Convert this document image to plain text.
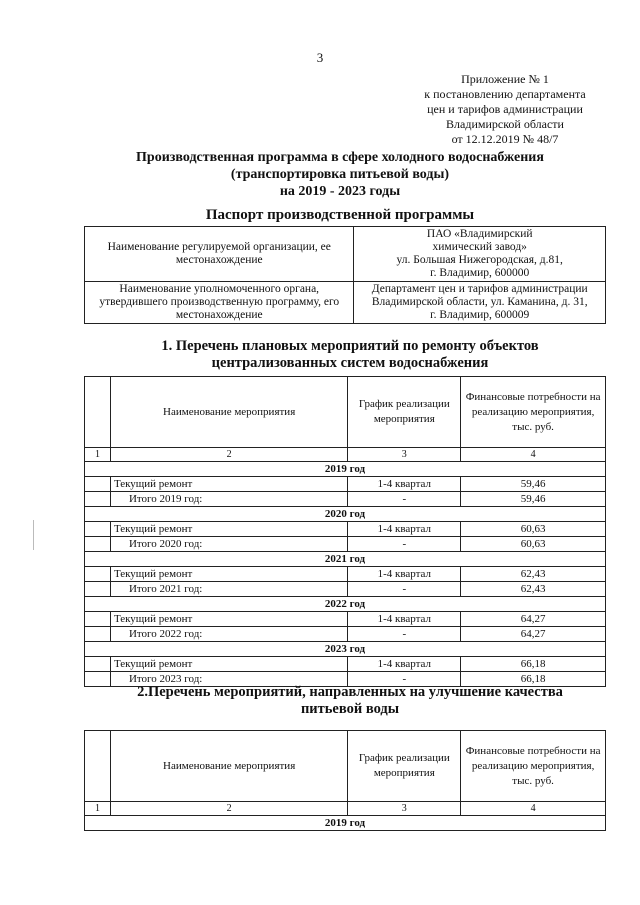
3
Приложение № 1
к постановлению департамента
цен и тарифов администрации
Владимирской области
от 12.12.2019 № 48/7
Производственная программа в сфере холодного водоснабжения
(транспортировка питьевой воды)
на 2019 - 2023 годы
Паспорт производственной программы
Наименование регулируемой организации, ее местонахождение	ПАО «Владимирский
химический завод»
ул. Большая Нижегородская, д.81,
г. Владимир, 600000

Наименование уполномоченного органа, утвердившего производственную программу, его местонахождение	Департамент цен и тарифов администрации
Владимирской области, ул. Каманина, д. 31,
г. Владимир, 600009
1. Перечень плановых мероприятий по ремонту объектов
централизованных систем водоснабжения
	Наименование мероприятия	График реализации мероприятия	Финансовые потребности на реализацию мероприятия, тыс. руб.
1	2	3	4
2019 год			
	Текущий ремонт	1-4 квартал	59,46
	Итого 2019 год:	-	59,46
2020 год			
	Текущий ремонт	1-4 квартал	60,63
	Итого 2020 год:	-	60,63
2021 год			
	Текущий ремонт	1-4 квартал	62,43
	Итого 2021 год:	-	62,43
2022 год			
	Текущий ремонт	1-4 квартал	64,27
	Итого 2022 год:	-	64,27
2023 год			
	Текущий ремонт	1-4 квартал	66,18
	Итого 2023 год:	-	66,18
2.Перечень мероприятий, направленных на улучшение качества
питьевой воды
	Наименование мероприятия	График реализации мероприятия	Финансовые потребности на реализацию мероприятия, тыс. руб.
1	2	3	4
2019 год			
